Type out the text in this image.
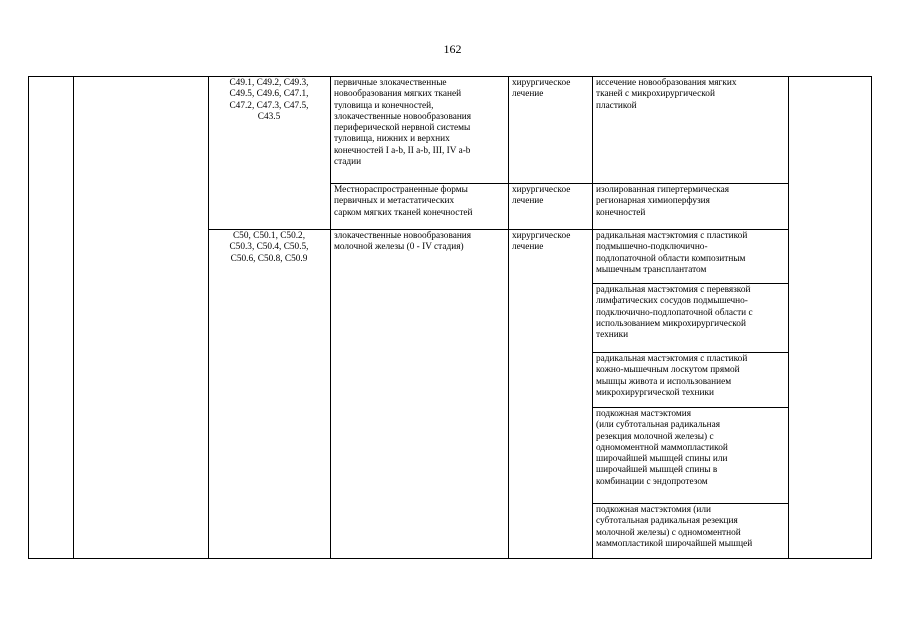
162
C49.1, C49.2, C49.3,
C49.5, C49.6, C47.1,
C47.2, C47.3, C47.5,
C43.5
первичные злокачественные
новообразования мягких тканей
туловища и конечностей,
злокачественные новообразования
периферической нервной системы
туловища, нижних и верхних
конечностей I a-b, II a-b, III, IV a-b
стадии
хирургическое
лечение
иссечение новообразования мягких
тканей с микрохирургической
пластикой
Местнораспространенные формы
первичных и метастатических
сарком мягких тканей конечностей
хирургическое
лечение
изолированная гипертермическая
регионарная химиоперфузия
конечностей
C50, C50.1, C50.2,
C50.3, C50.4, C50.5,
C50.6, C50.8, C50.9
злокачественные новообразования
молочной железы (0 - IV стадия)
хирургическое
лечение
радикальная мастэктомия с пластикой
подмышечно-подключично-
подлопаточной области композитным
мышечным трансплантатом
радикальная мастэктомия с перевязкой
лимфатических сосудов подмышечно-
подключично-подлопаточной области с
использованием микрохирургической
техники
радикальная мастэктомия с пластикой
кожно-мышечным лоскутом прямой
мышцы живота и использованием
микрохирургической техники
подкожная мастэктомия
(или субтотальная радикальная
резекция молочной железы) с
одномоментной маммопластикой
широчайшей мышцей спины или
широчайшей мышцей спины в
комбинации с эндопротезом
подкожная мастэктомия (или
субтотальная радикальная резекция
молочной железы) с одномоментной
маммопластикой широчайшей мышцей
